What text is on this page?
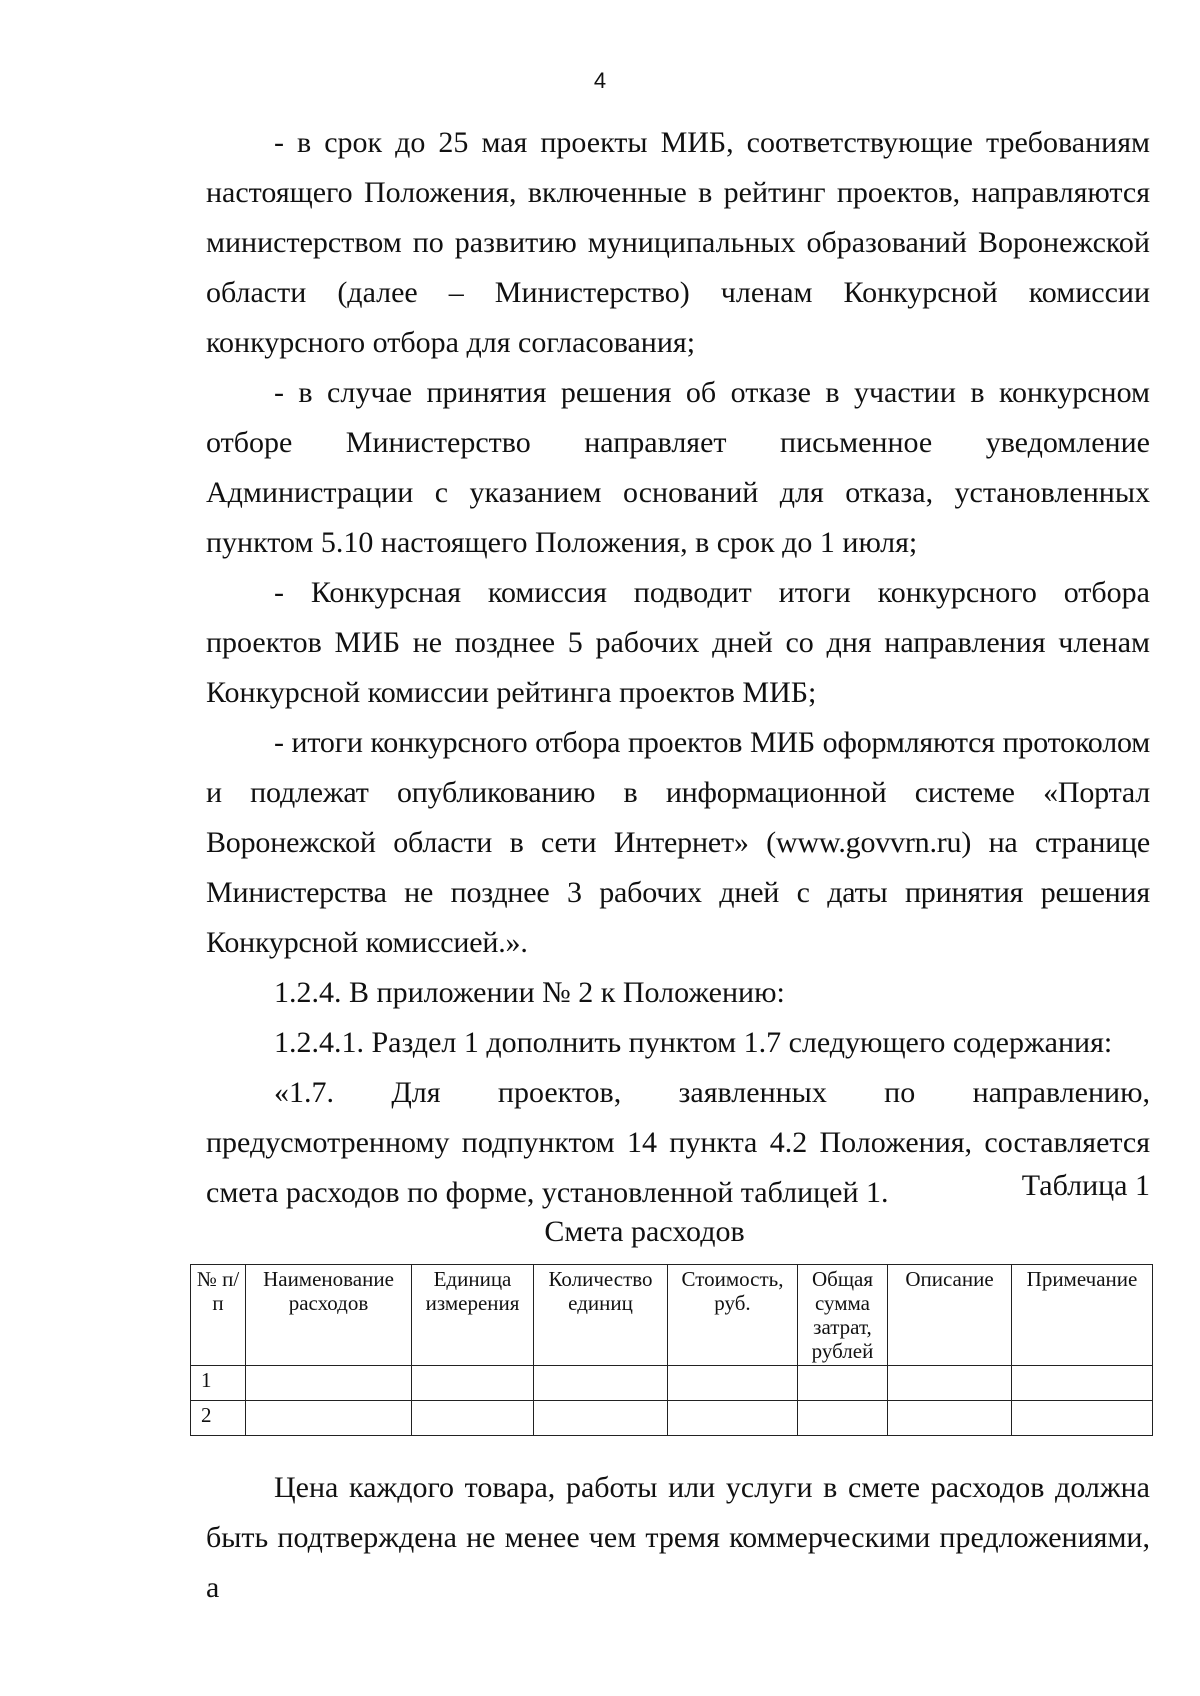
4

- в срок до 25 мая проекты МИБ, соответствующие требованиям настоящего Положения, включенные в рейтинг проектов, направляются министерством по развитию муниципальных образований Воронежской области (далее – Министерство) членам Конкурсной комиссии конкурсного отбора для согласования;

- в случае принятия решения об отказе в участии в конкурсном отборе Министерство направляет письменное уведомление Администрации с указанием оснований для отказа, установленных пунктом 5.10 настоящего Положения, в срок до 1 июля;

- Конкурсная комиссия подводит итоги конкурсного отбора проектов МИБ не позднее 5 рабочих дней со дня направления членам Конкурсной комиссии рейтинга проектов МИБ;

- итоги конкурсного отбора проектов МИБ оформляются протоколом и подлежат опубликованию в информационной системе «Портал Воронежской области в сети Интернет» (www.govvrn.ru) на странице Министерства не позднее 3 рабочих дней с даты принятия решения Конкурсной комиссией.».

1.2.4. В приложении № 2 к Положению:

1.2.4.1. Раздел 1 дополнить пунктом 1.7 следующего содержания:

«1.7. Для проектов, заявленных по направлению, предусмотренному подпунктом 14 пункта 4.2 Положения, составляется смета расходов по форме, установленной таблицей 1.	Таблица 1
Смета расходов
№ п/п	Наименование расходов	Единица измерения	Количество единиц	Стоимость, руб.	Общая сумма затрат, рублей	Описание	Примечание
1							
2							

Цена каждого товара, работы или услуги в смете расходов должна быть подтверждена не менее чем тремя коммерческими предложениями, а
